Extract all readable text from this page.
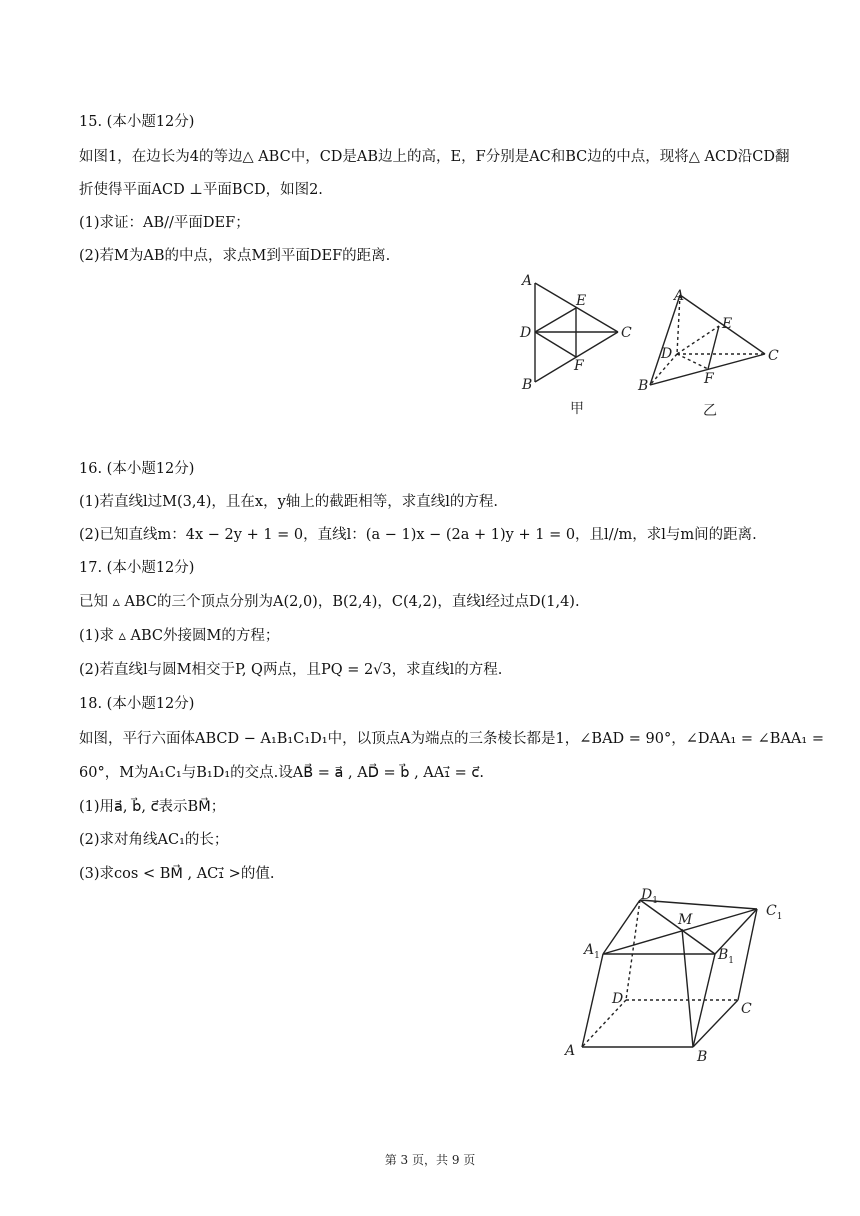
15. (本小题12分)
如图1，在边长为4的等边△ ABC中，CD是AB边上的高，E，F分别是AC和BC边的中点，现将△ ACD沿CD翻
折使得平面ACD ⊥平面BCD，如图2.
(1)求证：AB//平面DEF；
(2)若M为AB的中点，求点M到平面DEF的距离.
A
B
C
D
E
F
A
B
C
D
E
F
甲	乙
16. (本小题12分)
(1)若直线l过M(3,4)，且在x，y轴上的截距相等，求直线l的方程.
(2)已知直线m：4x − 2y + 1 = 0，直线l：(a − 1)x − (2a + 1)y + 1 = 0，且l//m，求l与m间的距离.
17. (本小题12分)
已知 ▵ ABC的三个顶点分别为A(2,0)，B(2,4)，C(4,2)，直线l经过点D(1,4).
(1)求 ▵ ABC外接圆M的方程；
(2)若直线l与圆M相交于P, Q两点，且PQ = 2√3，求直线l的方程.
18. (本小题12分)
如图，平行六面体ABCD − A₁B₁C₁D₁中，以顶点A为端点的三条棱长都是1，∠BAD = 90°，∠DAA₁ = ∠BAA₁ =
60°，M为A₁C₁与B₁D₁的交点.设AB⃗ = a⃗ , AD⃗ = b⃗ , AA₁⃗ = c⃗.
(1)用a⃗, b⃗, c⃗表示BM⃗；
(2)求对角线AC₁的长；
(3)求cos < BM⃗ , AC₁⃗ >的值.
$D_1$
$C_1$
$A_1$	$B_1$
M
D
C
A	B
第 3 页，共 9 页
